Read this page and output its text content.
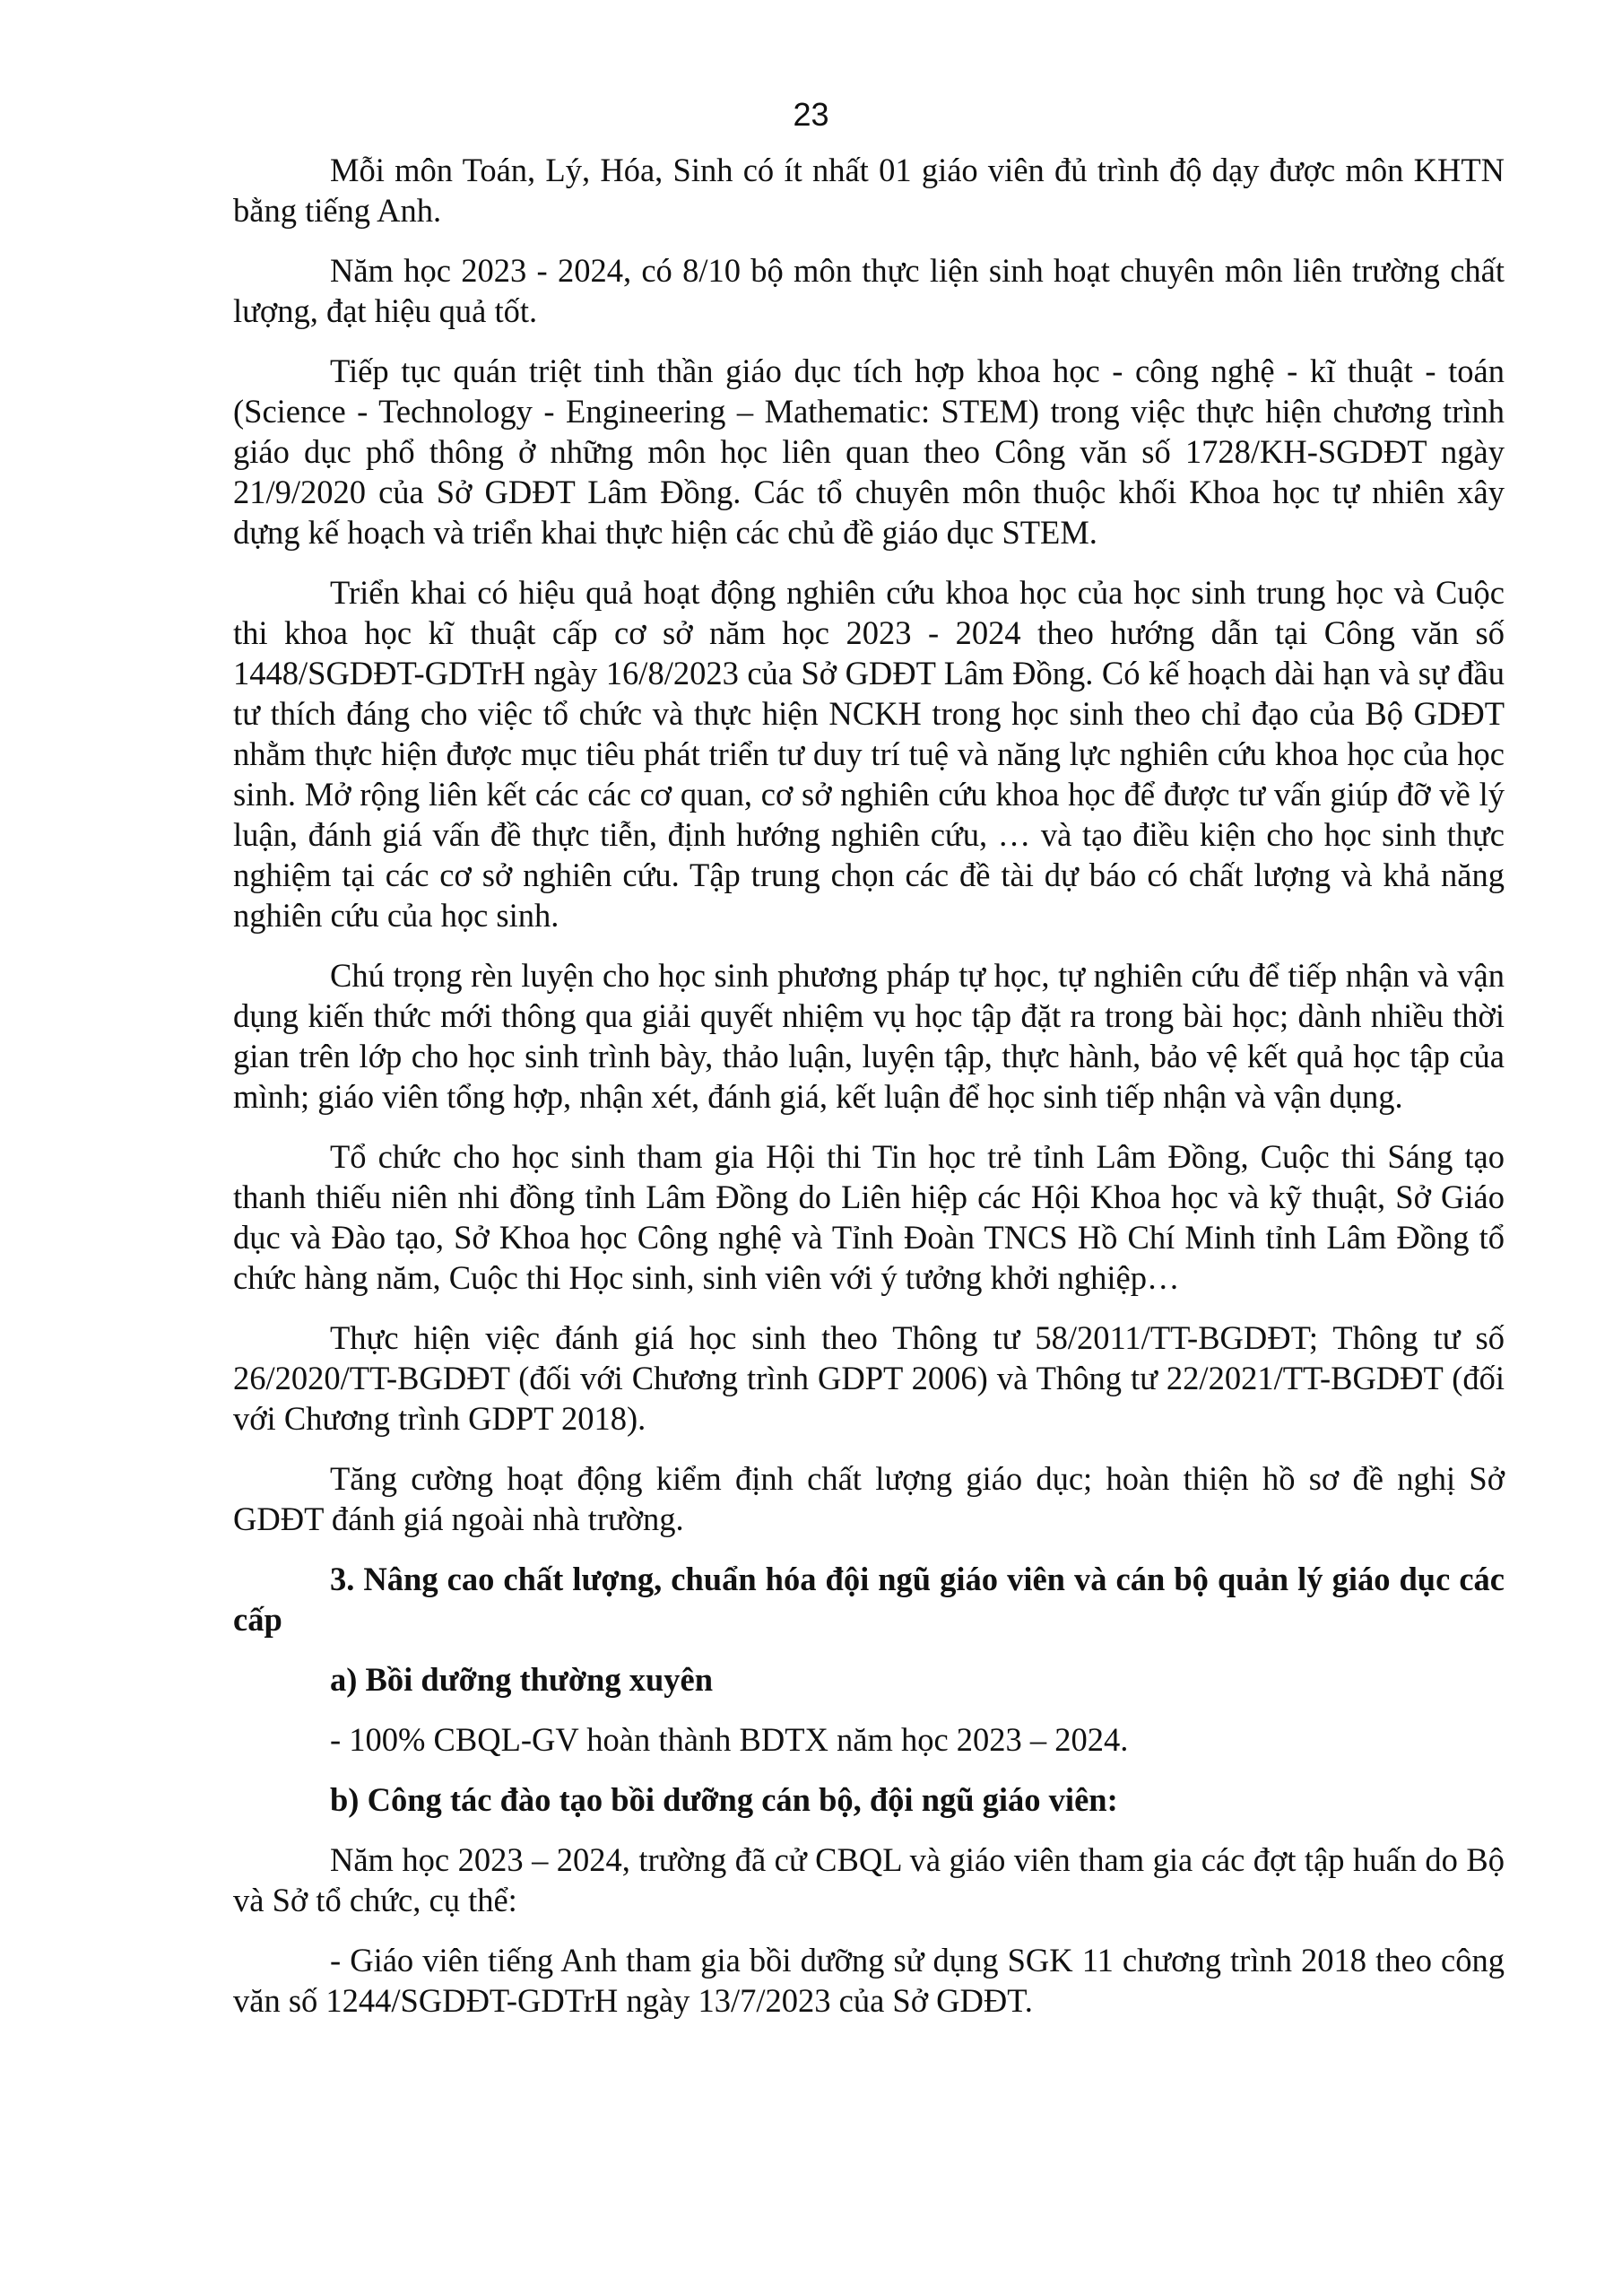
23

Mỗi môn Toán, Lý, Hóa, Sinh có ít nhất 01 giáo viên đủ trình độ dạy được môn KHTN bằng tiếng Anh.

Năm học 2023 - 2024, có 8/10 bộ môn thực liện sinh hoạt chuyên môn liên trường chất lượng, đạt hiệu quả tốt.

Tiếp tục quán triệt tinh thần giáo dục tích hợp khoa học - công nghệ - kĩ thuật - toán (Science - Technology - Engineering – Mathematic: STEM) trong việc thực hiện chương trình giáo dục phổ thông ở những môn học liên quan theo Công văn số 1728/KH-SGDĐT ngày 21/9/2020 của Sở GDĐT Lâm Đồng. Các tổ chuyên môn thuộc khối Khoa học tự nhiên xây dựng kế hoạch và triển khai thực hiện các chủ đề giáo dục STEM.

Triển khai có hiệu quả hoạt động nghiên cứu khoa học của học sinh trung học và Cuộc thi khoa học kĩ thuật cấp cơ sở năm học 2023 - 2024 theo hướng dẫn tại Công văn số 1448/SGDĐT-GDTrH ngày 16/8/2023 của Sở GDĐT Lâm Đồng. Có kế hoạch dài hạn và sự đầu tư thích đáng cho việc tổ chức và thực hiện NCKH trong học sinh theo chỉ đạo của Bộ GDĐT nhằm thực hiện được mục tiêu phát triển tư duy trí tuệ và năng lực nghiên cứu khoa học của học sinh. Mở rộng liên kết các các cơ quan, cơ sở nghiên cứu khoa học để được tư vấn giúp đỡ về lý luận, đánh giá vấn đề thực tiễn, định hướng nghiên cứu, … và tạo điều kiện cho học sinh thực nghiệm tại các cơ sở nghiên cứu. Tập trung chọn các đề tài dự báo có chất lượng và khả năng nghiên cứu của học sinh.

Chú trọng rèn luyện cho học sinh phương pháp tự học, tự nghiên cứu để tiếp nhận và vận dụng kiến thức mới thông qua giải quyết nhiệm vụ học tập đặt ra trong bài học; dành nhiều thời gian trên lớp cho học sinh trình bày, thảo luận, luyện tập, thực hành, bảo vệ kết quả học tập của mình; giáo viên tổng hợp, nhận xét, đánh giá, kết luận để học sinh tiếp nhận và vận dụng.

Tổ chức cho học sinh tham gia Hội thi Tin học trẻ tỉnh Lâm Đồng, Cuộc thi Sáng tạo thanh thiếu niên nhi đồng tỉnh Lâm Đồng do Liên hiệp các Hội Khoa học và kỹ thuật, Sở Giáo dục và Đào tạo, Sở Khoa học Công nghệ và Tỉnh Đoàn TNCS Hồ Chí Minh tỉnh Lâm Đồng tổ chức hàng năm, Cuộc thi Học sinh, sinh viên với ý tưởng khởi nghiệp…

Thực hiện việc đánh giá học sinh theo Thông tư 58/2011/TT-BGDĐT; Thông tư số 26/2020/TT-BGDĐT (đối với Chương trình GDPT 2006) và Thông tư 22/2021/TT-BGDĐT (đối với Chương trình GDPT 2018).

Tăng cường hoạt động kiểm định chất lượng giáo dục; hoàn thiện hồ sơ đề nghị Sở GDĐT đánh giá ngoài nhà trường.

3. Nâng cao chất lượng, chuẩn hóa đội ngũ giáo viên và cán bộ quản lý giáo dục các cấp

a) Bồi dưỡng thường xuyên

- 100% CBQL-GV hoàn thành BDTX năm học 2023 – 2024.

b) Công tác đào tạo bồi dưỡng cán bộ, đội ngũ giáo viên:

Năm học 2023 – 2024, trường đã cử CBQL và giáo viên tham gia các đợt tập huấn do Bộ và Sở tổ chức, cụ thể:

- Giáo viên tiếng Anh tham gia bồi dưỡng sử dụng SGK 11 chương trình 2018 theo công văn số 1244/SGDĐT-GDTrH ngày 13/7/2023 của Sở GDĐT.
